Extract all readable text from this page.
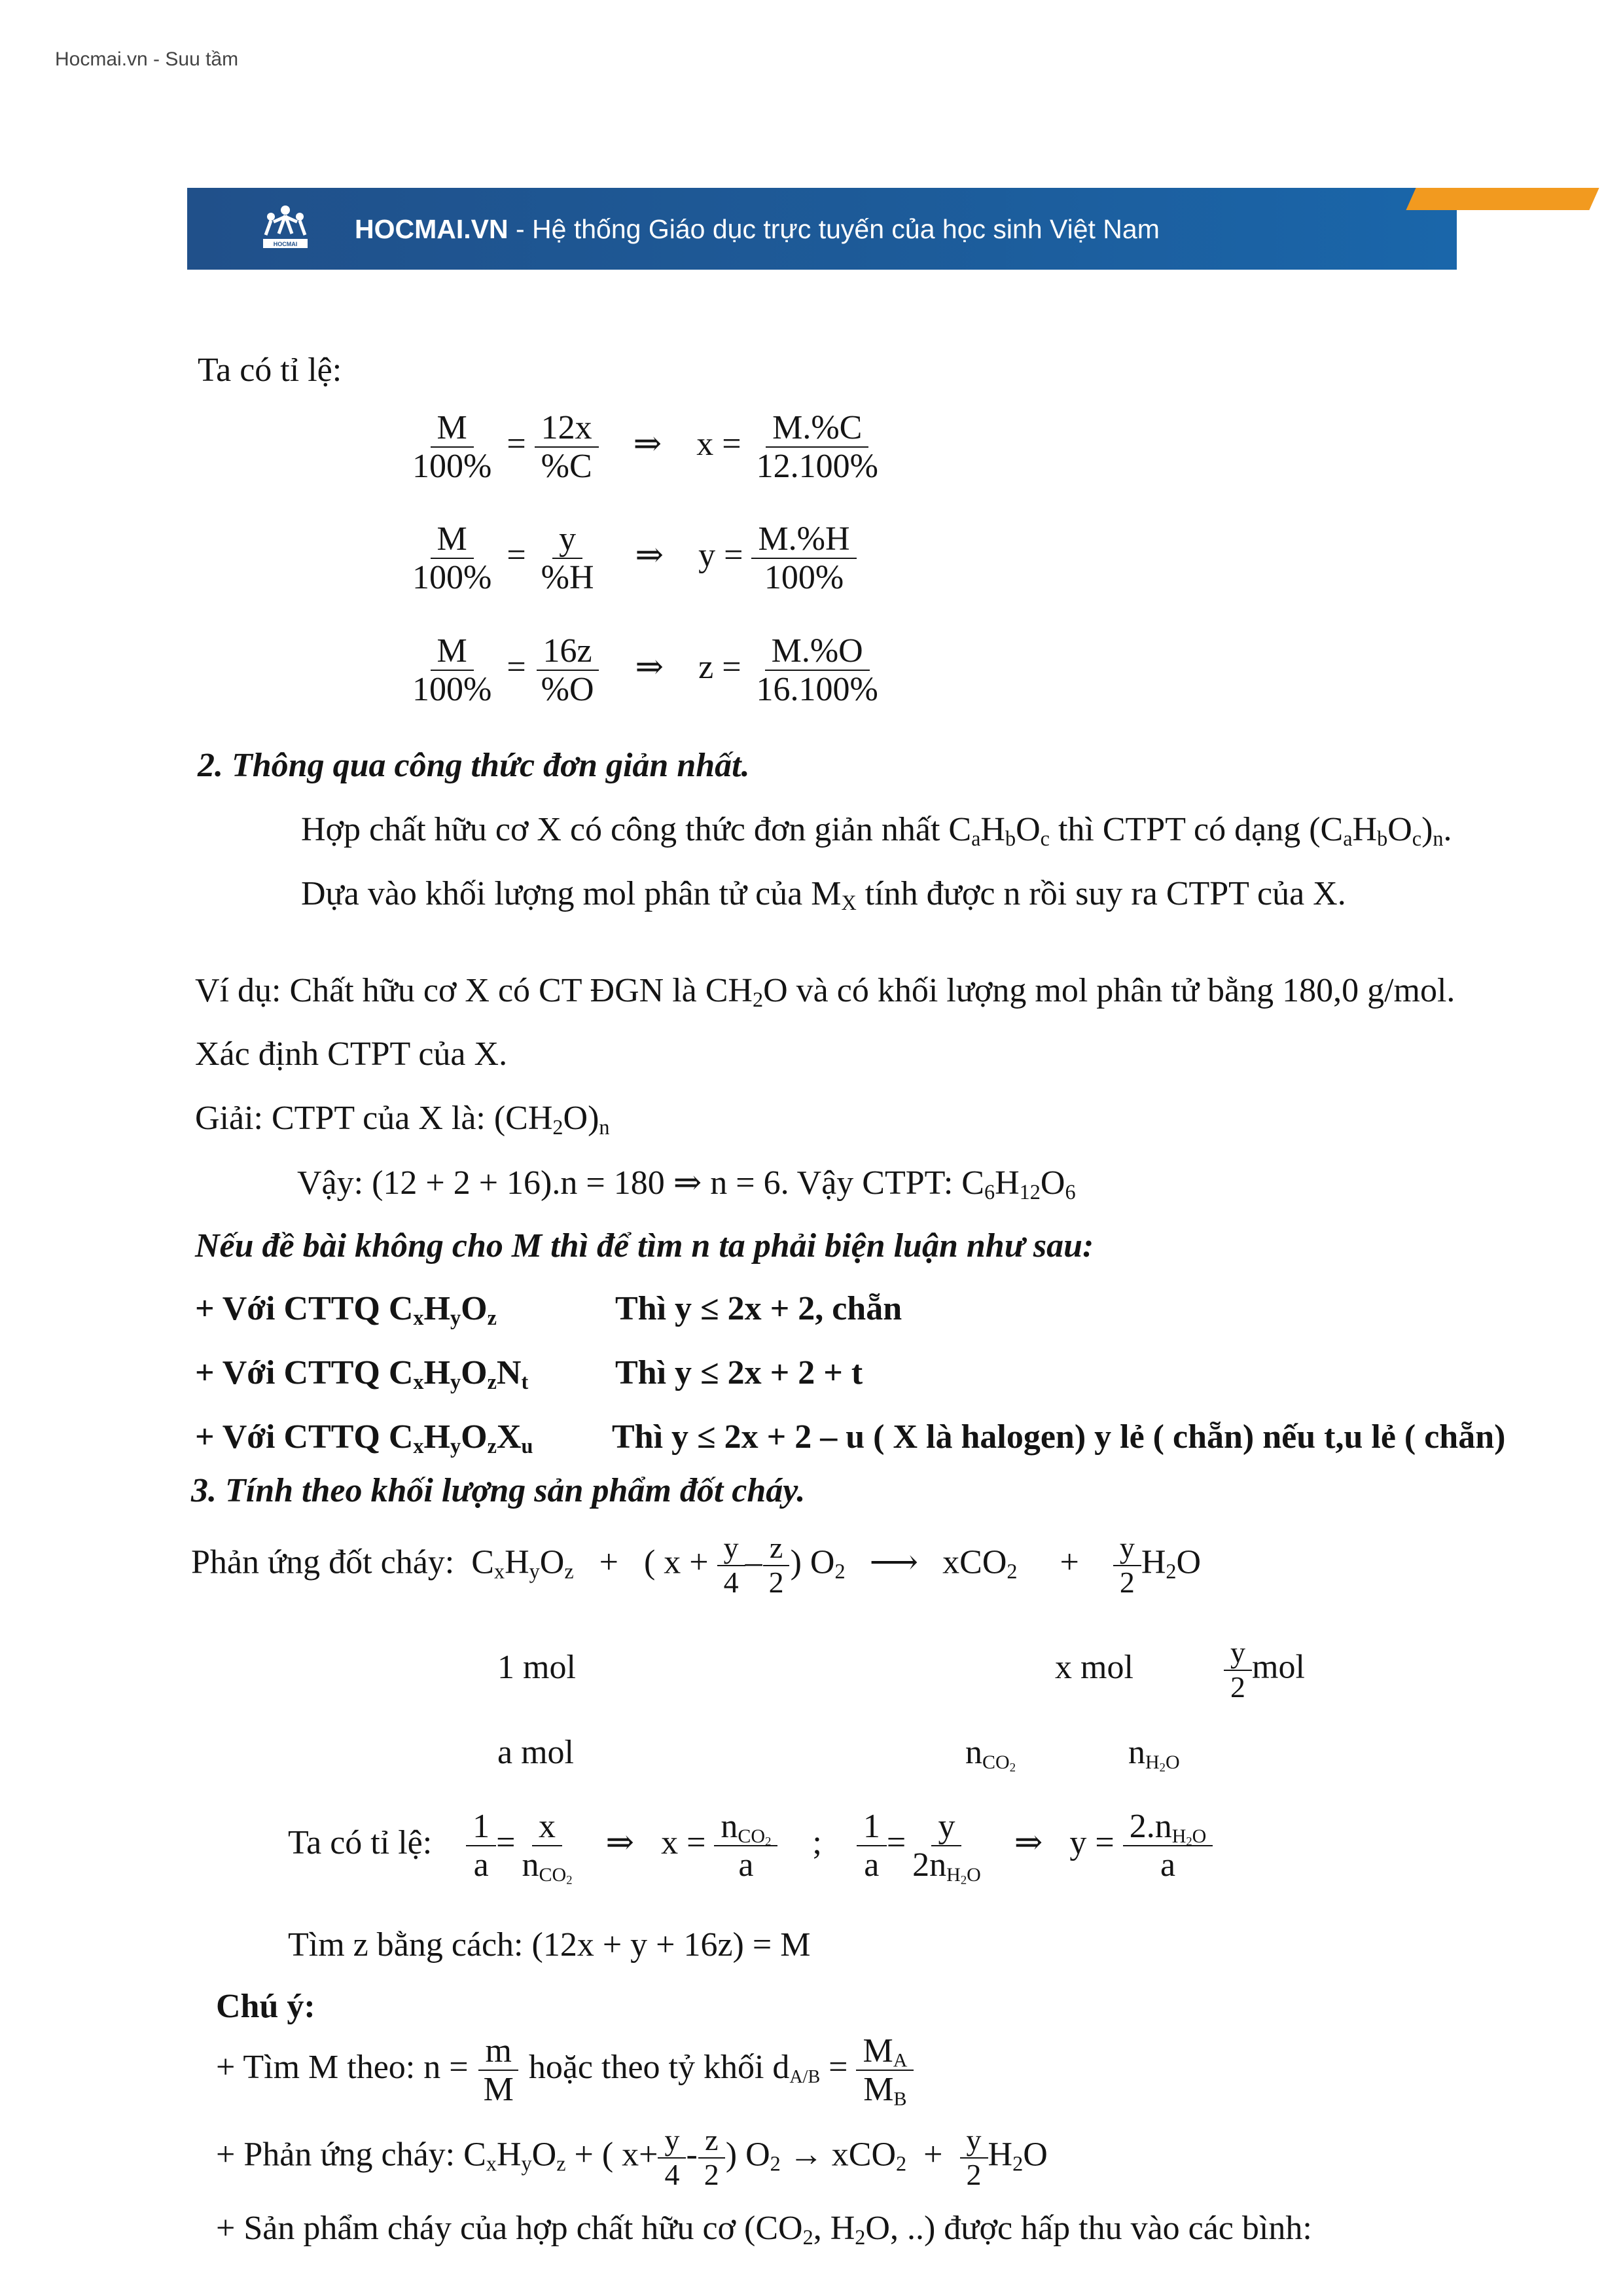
Hocmai.vn - Suu tầm
HOCMAI HOCMAI.VN - Hệ thống Giáo dục trực tuyến của học sinh Việt Nam
Ta có tỉ lệ:
$\frac{M}{100\%} = \frac{12x}{\%C}$ ⇒ $x = \frac{M.\%C}{12.100\%}$
$\frac{M}{100\%} = \frac{y}{\%H}$ ⇒ $y = \frac{M.\%H}{100\%}$
$\frac{M}{100\%} = \frac{16z}{\%O}$ ⇒ $z = \frac{M.\%O}{16.100\%}$
2. Thông qua công thức đơn giản nhất.
Hợp chất hữu cơ X có công thức đơn giản nhất $C_aH_bO_c$ thì CTPT có dạng $(C_aH_bO_c)_n$.
Dựa vào khối lượng mol phân tử của $M_X$ tính được n rồi suy ra CTPT của X.
Ví dụ: Chất hữu cơ X có CT ĐGN là $CH_2O$ và có khối lượng mol phân tử bằng 180,0 g/mol.
Xác định CTPT của X.
Giải: CTPT của X là: $(CH_2O)_n$
Vậy: (12 + 2 + 16).n = 180 ⇒ n = 6. Vậy CTPT: $C_6H_{12}O_6$
Nếu đề bài không cho M thì để tìm n ta phải biện luận như sau:
+ Với CTTQ $C_xH_yO_z$	Thì y ≤ 2x + 2, chẵn
+ Với CTTQ $C_xH_yO_zN_t$	Thì y ≤ 2x + 2 + t
+ Với CTTQ $C_xH_yO_zX_u$ Thì y ≤ 2x + 2 – u ( X là halogen) y lẻ ( chẵn) nếu t,u lẻ ( chẵn)
3. Tính theo khối lượng sản phẩm đốt cháy.
Phản ứng đốt cháy:  $C_xH_yO_z$ +   ( $x + \frac{y}{4} - \frac{z}{2}$ ) $O_2$ ⟶ xCO$_2$     + $\frac{y}{2} H_2O$
1 mol	x mol	$\frac{y}{2}$ mol
a mol	$n_{CO_2}$	$n_{H_2O}$
Ta có tỉ lệ: $\frac{1}{a} = \frac{x}{n_{CO_2}}$ ⇒ $x = \frac{n_{CO_2}}{a}$ ; $\frac{1}{a} = \frac{y}{2n_{H_2O}}$ ⇒ $y = \frac{2.n_{H_2O}}{a}$
Tìm z bằng cách: (12x + y + 16z) = M
Chú ý:
+ Tìm M theo: $n = \frac{m}{M}$ hoặc theo tỷ khối $d_{A/B} = \frac{M_A}{M_B}$
+ Phản ứng cháy: $C_xH_yO_z$ + ( $x+ \frac{y}{4} - \frac{z}{2}$ ) $O_2 \to xCO_2 + \frac{y}{2} H_2O$
+ Sản phẩm cháy của hợp chất hữu cơ ($CO_2$, $H_2O$, ..) được hấp thu vào các bình:
